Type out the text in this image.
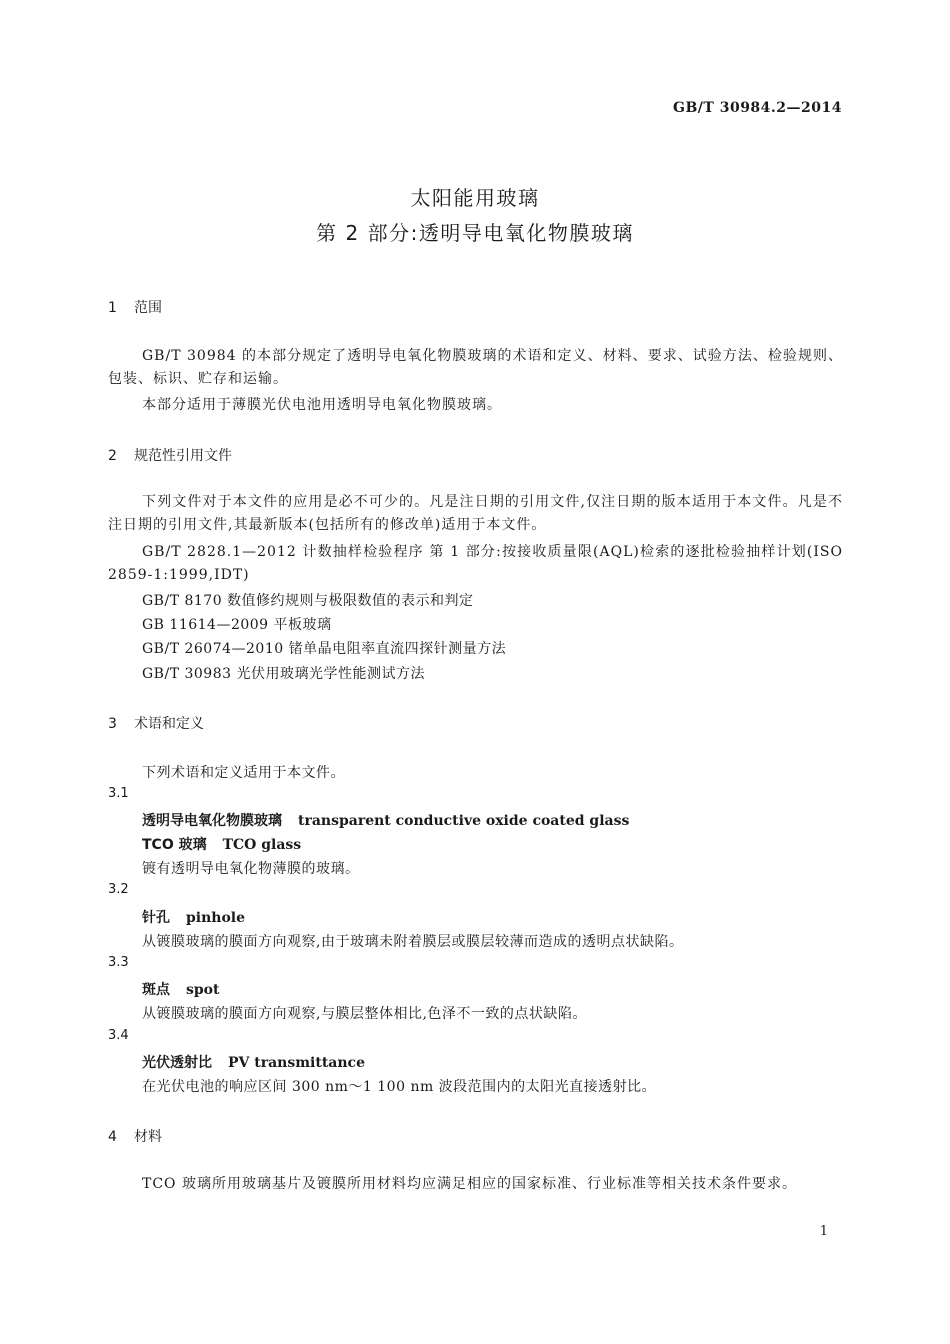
GB/T 30984.2—2014
太阳能用玻璃
第 2 部分:透明导电氧化物膜玻璃
1 范围
GB/T 30984 的本部分规定了透明导电氧化物膜玻璃的术语和定义、材料、要求、试验方法、检验规则、包装、标识、贮存和运输。
本部分适用于薄膜光伏电池用透明导电氧化物膜玻璃。
2 规范性引用文件
下列文件对于本文件的应用是必不可少的。凡是注日期的引用文件,仅注日期的版本适用于本文件。凡是不注日期的引用文件,其最新版本(包括所有的修改单)适用于本文件。
GB/T 2828.1—2012 计数抽样检验程序 第 1 部分:按接收质量限(AQL)检索的逐批检验抽样计划(ISO 2859-1:1999,IDT)
GB/T 8170 数值修约规则与极限数值的表示和判定
GB 11614—2009 平板玻璃
GB/T 26074—2010 锗单晶电阻率直流四探针测量方法
GB/T 30983 光伏用玻璃光学性能测试方法
3 术语和定义
下列术语和定义适用于本文件。
3.1
透明导电氧化物膜玻璃 transparent conductive oxide coated glass
TCO 玻璃 TCO glass
镀有透明导电氧化物薄膜的玻璃。
3.2
针孔 pinhole
从镀膜玻璃的膜面方向观察,由于玻璃未附着膜层或膜层较薄而造成的透明点状缺陷。
3.3
斑点 spot
从镀膜玻璃的膜面方向观察,与膜层整体相比,色泽不一致的点状缺陷。
3.4
光伏透射比 PV transmittance
在光伏电池的响应区间 300 nm～1 100 nm 波段范围内的太阳光直接透射比。
4 材料
TCO 玻璃所用玻璃基片及镀膜所用材料均应满足相应的国家标准、行业标准等相关技术条件要求。
1
